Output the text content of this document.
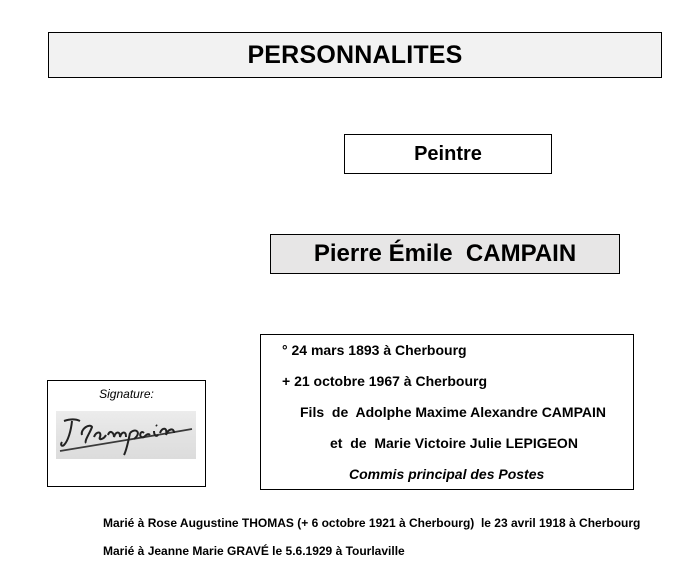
PERSONNALITES
Peintre
Pierre Émile  CAMPAIN
° 24 mars 1893 à Cherbourg
+ 21 octobre 1967 à Cherbourg
Fils  de  Adolphe Maxime Alexandre CAMPAIN
et  de  Marie Victoire Julie LEPIGEON
Commis principal des Postes
Signature:
Marié à Rose Augustine THOMAS (+ 6 octobre 1921 à Cherbourg)  le 23 avril 1918 à Cherbourg
Marié à Jeanne Marie GRAVÉ le 5.6.1929 à Tourlaville
